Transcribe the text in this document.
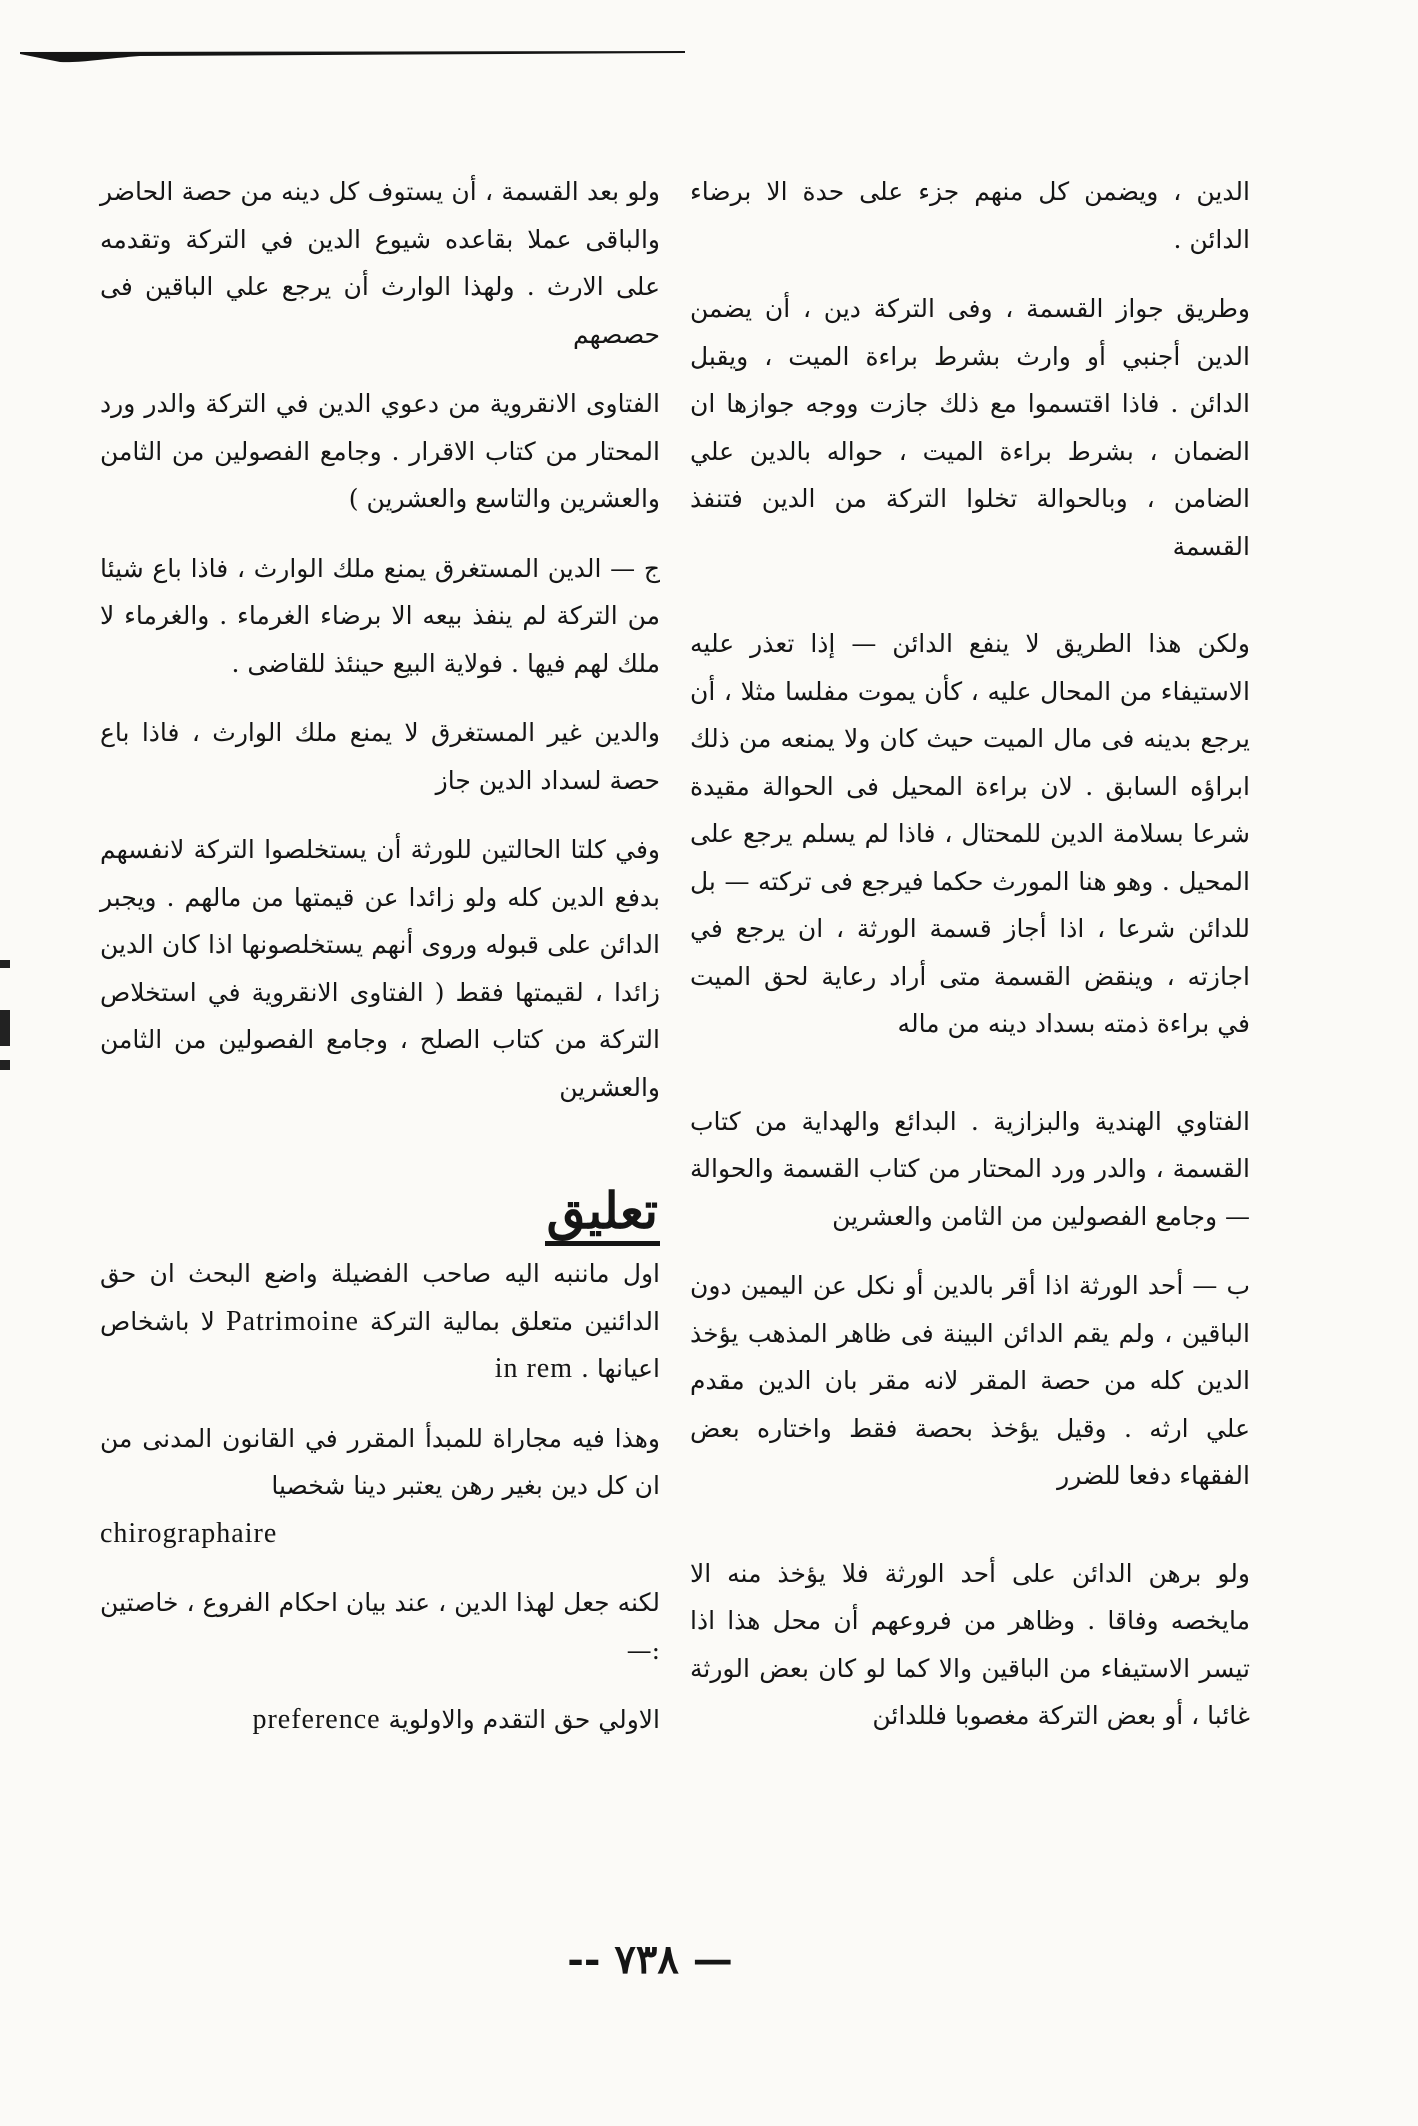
الدين ، ويضمن كل منهم جزء على حدة الا برضاء الدائن .

وطريق جواز القسمة ، وفى التركة دين ، أن يضمن الدين أجنبي أو وارث بشرط براءة الميت ، ويقبل الدائن . فاذا اقتسموا مع ذلك جازت ووجه جوازها ان الضمان ، بشرط براءة الميت ، حواله بالدين علي الضامن ، وبالحوالة تخلوا التركة من الدين فتنفذ القسمة

ولكن هذا الطريق لا ينفع الدائن — إذا تعذر عليه الاستيفاء من المحال عليه ، كأن يموت مفلسا مثلا ، أن يرجع بدينه فى مال الميت حيث كان ولا يمنعه من ذلك ابراؤه السابق . لان براءة المحيل فى الحوالة مقيدة شرعا بسلامة الدين للمحتال ، فاذا لم يسلم يرجع على المحيل . وهو هنا المورث حكما فيرجع فى تركته — بل للدائن شرعا ، اذا أجاز قسمة الورثة ، ان يرجع في اجازته ، وينقض القسمة متى أراد رعاية لحق الميت في براءة ذمته بسداد دينه من ماله

الفتاوي الهندية والبزازية . البدائع والهداية من كتاب القسمة ، والدر ورد المحتار من كتاب القسمة والحوالة — وجامع الفصولين من الثامن والعشرين

ب — أحد الورثة اذا أقر بالدين أو نكل عن اليمين دون الباقين ، ولم يقم الدائن البينة فى ظاهر المذهب يؤخذ الدين كله من حصة المقر لانه مقر بان الدين مقدم علي ارثه . وقيل يؤخذ بحصة فقط واختاره بعض الفقهاء دفعا للضرر

ولو برهن الدائن على أحد الورثة فلا يؤخذ منه الا مايخصه وفاقا . وظاهر من فروعهم أن محل هذا اذا تيسر الاستيفاء من الباقين والا كما لو كان بعض الورثة غائبا ، أو بعض التركة مغصوبا فللدائن

ولو بعد القسمة ، أن يستوف كل دينه من حصة الحاضر والباقى عملا بقاعده شيوع الدين في التركة وتقدمه على الارث . ولهذا الوارث أن يرجع علي الباقين فى حصصهم

الفتاوى الانقروية من دعوي الدين في التركة والدر ورد المحتار من كتاب الاقرار . وجامع الفصولين من الثامن والعشرين والتاسع والعشرين )

ج — الدين المستغرق يمنع ملك الوارث ، فاذا باع شيئا من التركة لم ينفذ بيعه الا برضاء الغرماء . والغرماء لا ملك لهم فيها . فولاية البيع حينئذ للقاضى .

والدين غير المستغرق لا يمنع ملك الوارث ، فاذا باع حصة لسداد الدين جاز

وفي كلتا الحالتين للورثة أن يستخلصوا التركة لانفسهم بدفع الدين كله ولو زائدا عن قيمتها من مالهم . ويجبر الدائن على قبوله وروى أنهم يستخلصونها اذا كان الدين زائدا ، لقيمتها فقط ( الفتاوى الانقروية في استخلاص التركة من كتاب الصلح ، وجامع الفصولين من الثامن والعشرين

تعليق

اول ماننبه اليه صاحب الفضيلة واضع البحث ان حق الدائنين متعلق بمالية التركة Patrimoine لا باشخاص اعيانها . in rem

وهذا فيه مجاراة للمبدأ المقرر في القانون المدنى من ان كل دين بغير رهن يعتبر دينا شخصيا
chirographaire

لكنه جعل لهذا الدين ، عند بيان احكام الفروع ، خاصتين :—

الاولي حق التقدم والاولوية preference

— ٧٣٨ --
